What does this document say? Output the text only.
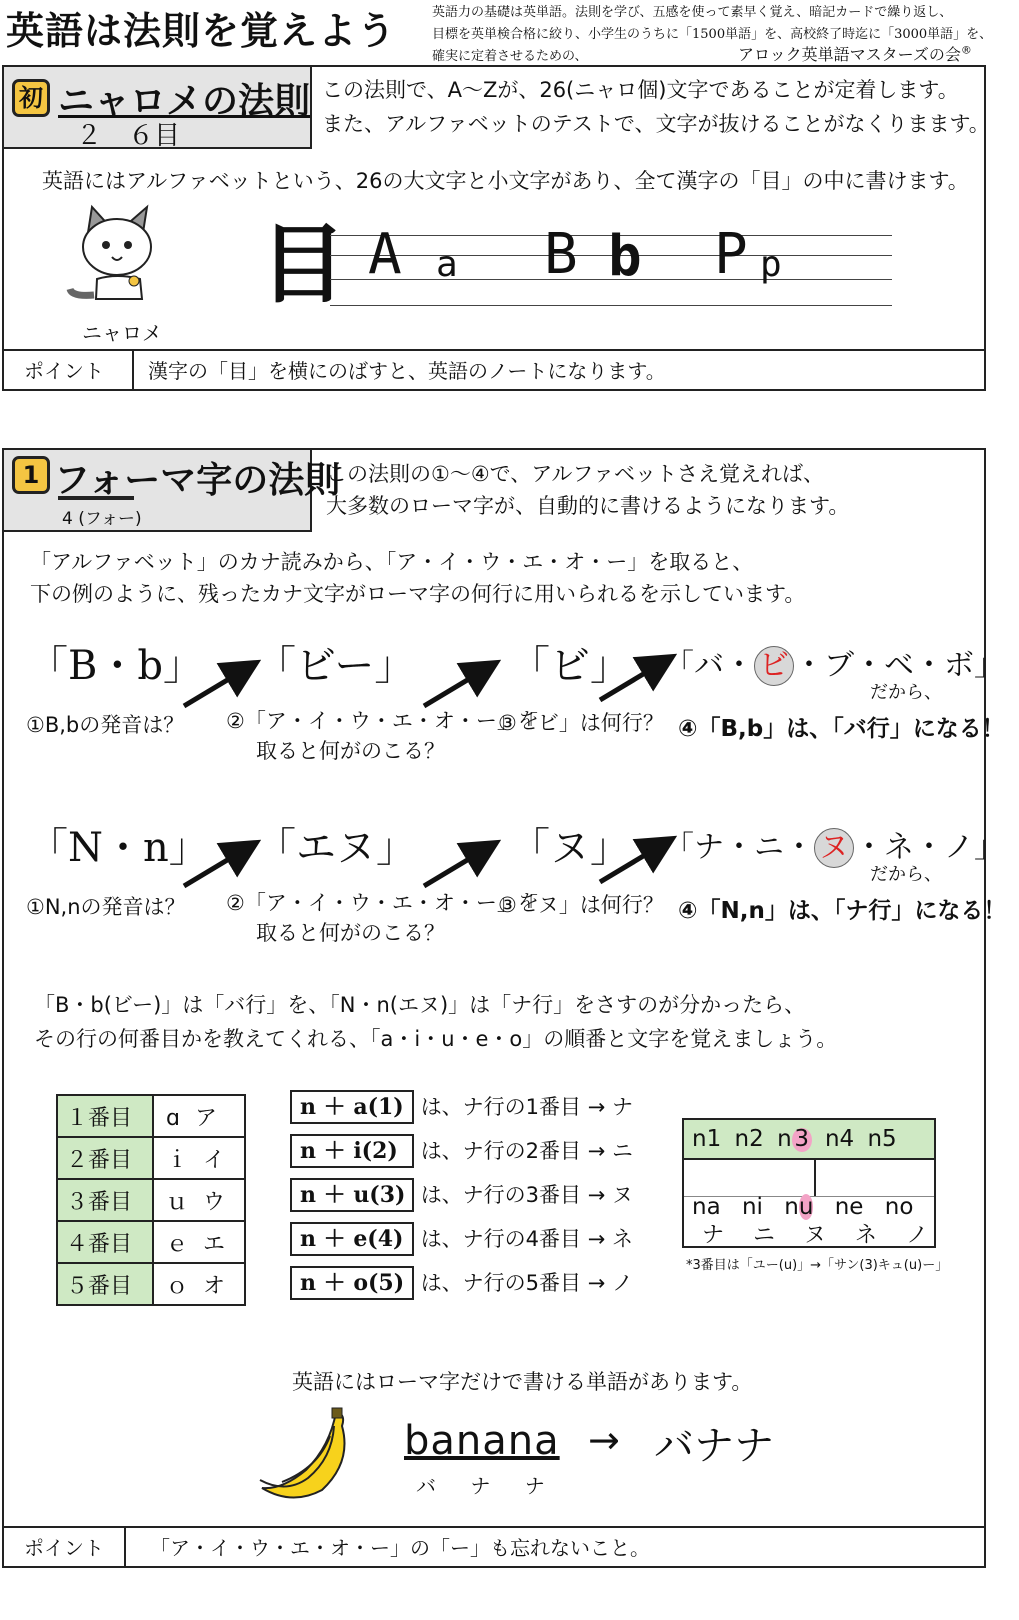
英語は法則を覚えよう	英語力の基礎は英単語。法則を学び、五感を使って素早く覚え、暗記カードで繰り返し、
目標を英単検合格に絞り、小学生のうちに「1500単語」を、高校終了時迄に「3000単語」を、
確実に定着させるための、	アロック英単語マスターズの会®
初 ニャロメの法則
２　６目
この法則で、A〜Zが、26(ニャロ個)文字であることが定着します。
また、アルファベットのテストで、文字が抜けることがなくりまます。
英語にはアルファベットという、26の大文字と小文字があり、全て漢字の「目」の中に書けます。
ニャロメ
目 A a B b P p
ポイント	漢字の「目」を横にのばすと、英語のノートになります。
1 フォーマ字の法則
4 (フォー)
この法則の①〜④で、アルファベットさえ覚えれば、
大多数のローマ字が、自動的に書けるようになります。
「アルファベット」のカナ読みから、「ア・イ・ウ・エ・オ・ー」を取ると、
下の例のように、残ったカナ文字がローマ字の何行に用いられるを示しています。
「B・b」 「ビー」 「ビ」 「バ・ ビ ・ブ・ベ・ボ」
だから、
①B,bの発音は？ ②「ア・イ・ウ・エ・オ・ー」を
取ると何がのこる？
③「ビ」は何行？ ④「B,b」は、「バ行」になる！
「N・n」 「エヌ」 「ヌ」 「ナ・ニ・ ヌ ・ネ・ノ」
だから、
①N,nの発音は？ ②「ア・イ・ウ・エ・オ・ー」を
取ると何がのこる？
③「ヌ」は何行？ ④「N,n」は、「ナ行」になる！
「B・b(ビー)」は「バ行」を、「N・n(エヌ)」は「ナ行」をさすのが分かったら、
その行の何番目かを教えてくれる、「a・i・u・e・o」の順番と文字を覚えましょう。
１番目	ɑ ア
２番目	ｉ イ
３番目	ｕ ウ
４番目	ｅ エ
５番目	ｏ オ
n ＋ a(1) は、ナ行の1番目 → ナ
n ＋ i(2) は、ナ行の2番目 → ニ
n ＋ u(3) は、ナ行の3番目 → ヌ
n ＋ e(4) は、ナ行の4番目 → ネ
n ＋ o(5) は、ナ行の5番目 → ノ
n1 n2 n 3 n4 n5
na ni nu ne no
ナ ニ ヌ ネ ノ
*3番目は「ユー(u)」→「サン(3)キュ(u)ー」
英語にはローマ字だけで書ける単語があります。
banana → バナナ
バ ナ ナ
ポイント	「ア・イ・ウ・エ・オ・ー」の「ー」も忘れないこと。
